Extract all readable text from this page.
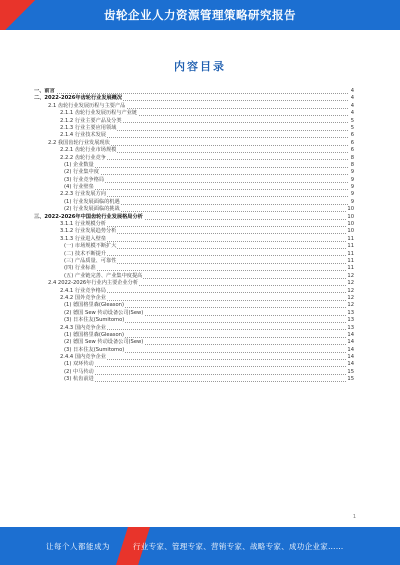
齿轮企业人力资源管理策略研究报告
内容目录
一、前言	4
二、2022-2026年齿轮行业发展概况	4
2.1 齿轮行业发展历程与主要产品	4
2.1.1 齿轮行业发展历程与产业链	4
2.1.2 行业主要产品及分类	5
2.1.3 行业主要应用领域	5
2.1.4 行业技术发展	6
2.2 我国齿轮行业发展现状	6
2.2.1 齿轮行业市场规模	6
2.2.2 齿轮行业竞争	8
(1) 企业数量	8
(2) 行业集中度	9
(3) 行业竞争格局	9
(4) 行业壁垒	9
2.2.3 行业发展方向	9
(1) 行业发展面临的机遇	9
(2) 行业发展面临的挑战	10
三、2022-2026年中国齿轮行业发展格局分析	10
3.1.1 行业规模分析	10
3.1.2 行业发展趋势分析	10
3.1.3 行业进入壁垒	11
(一) 市场规模不断扩大	11
(二) 技术不断提升	11
(三) 产品质量、可靠性	11
(四) 行业标准	11
(五) 产业链完善、产业集中度提高	12
2.4 2022-2026年行业内主要企业分析	12
2.4.1 行业竞争格局	12
2.4.2 国外竞争企业	12
(1) 德国格里森(Gleason)	12
(2) 德国 Sew 传动设备公司(Sew)	13
(3) 日本住友(Sumitomo)	13
2.4.3 国内竞争企业	13
(1) 德国格里森(Gleason)	14
(2) 德国 Sew 传动设备公司(Sew)	14
(3) 日本住友(Sumitomo)	14
2.4.4 国内竞争企业	14
(1) 双环传动	14
(2) 中马传动	15
(3) 杭齿前进	15
1
让每个人都能成为	行业专家、管理专家、营销专家、战略专家、成功企业家……
